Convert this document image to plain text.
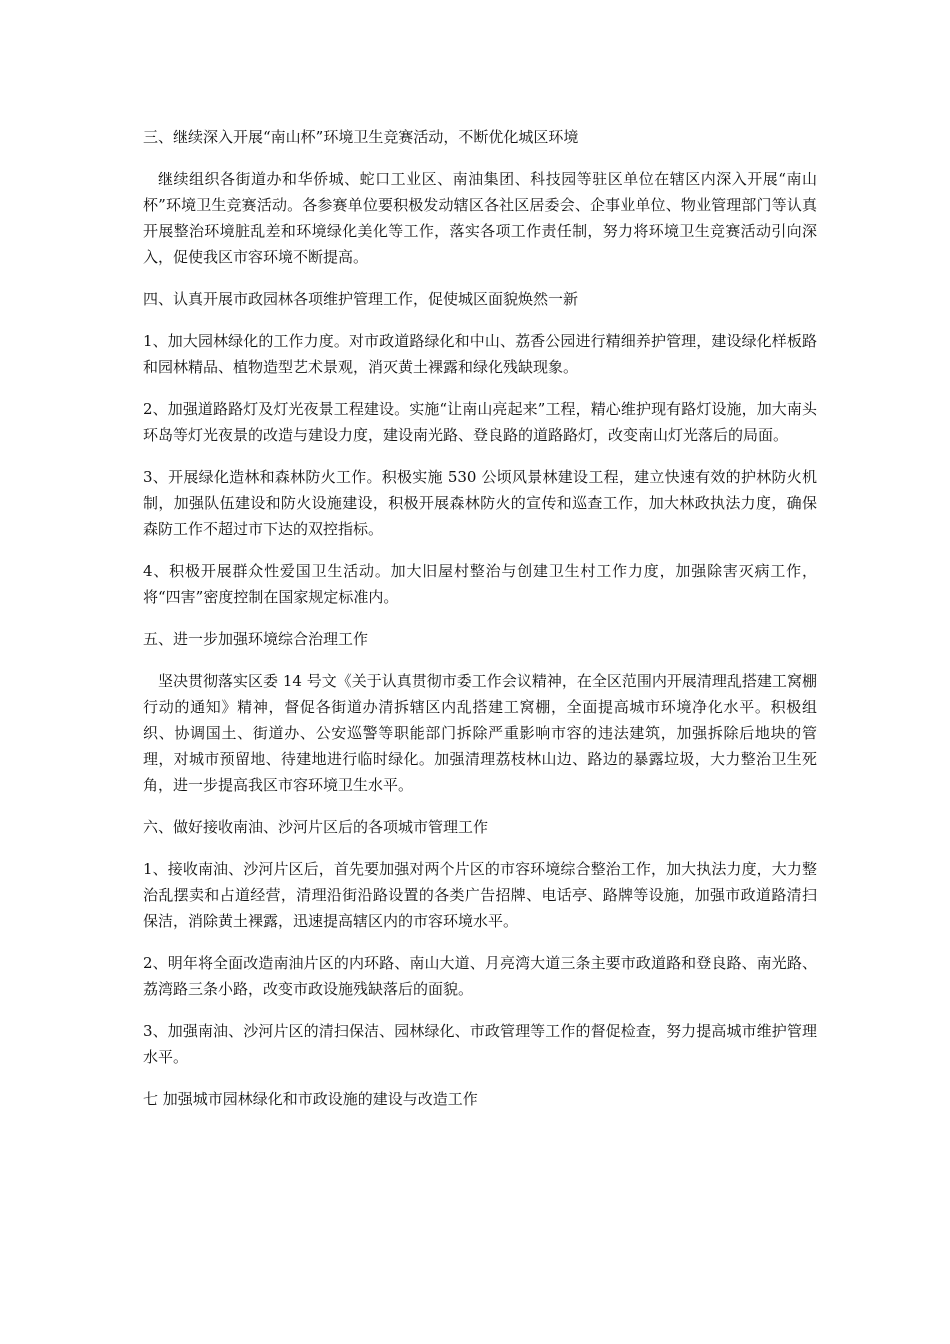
三、继续深入开展“南山杯”环境卫生竞赛活动，不断优化城区环境

继续组织各街道办和华侨城、蛇口工业区、南油集团、科技园等驻区单位在辖区内深入开展“南山杯”环境卫生竞赛活动。各参赛单位要积极发动辖区各社区居委会、企事业单位、物业管理部门等认真开展整治环境脏乱差和环境绿化美化等工作，落实各项工作责任制，努力将环境卫生竞赛活动引向深入，促使我区市容环境不断提高。

四、认真开展市政园林各项维护管理工作，促使城区面貌焕然一新

1、加大园林绿化的工作力度。对市政道路绿化和中山、荔香公园进行精细养护管理，建设绿化样板路和园林精品、植物造型艺术景观，消灭黄土裸露和绿化残缺现象。

2、加强道路路灯及灯光夜景工程建设。实施“让南山亮起来”工程，精心维护现有路灯设施，加大南头环岛等灯光夜景的改造与建设力度，建设南光路、登良路的道路路灯，改变南山灯光落后的局面。

3、开展绿化造林和森林防火工作。积极实施 530 公顷风景林建设工程，建立快速有效的护林防火机制，加强队伍建设和防火设施建设，积极开展森林防火的宣传和巡查工作，加大林政执法力度，确保森防工作不超过市下达的双控指标。

4、积极开展群众性爱国卫生活动。加大旧屋村整治与创建卫生村工作力度，加强除害灭病工作，将“四害”密度控制在国家规定标准内。

五、进一步加强环境综合治理工作

坚决贯彻落实区委 14 号文《关于认真贯彻市委工作会议精神，在全区范围内开展清理乱搭建工窝棚行动的通知》精神，督促各街道办清拆辖区内乱搭建工窝棚，全面提高城市环境净化水平。积极组织、协调国土、街道办、公安巡警等职能部门拆除严重影响市容的违法建筑，加强拆除后地块的管理，对城市预留地、待建地进行临时绿化。加强清理荔枝林山边、路边的暴露垃圾，大力整治卫生死角，进一步提高我区市容环境卫生水平。

六、做好接收南油、沙河片区后的各项城市管理工作

1、接收南油、沙河片区后，首先要加强对两个片区的市容环境综合整治工作，加大执法力度，大力整治乱摆卖和占道经营，清理沿街沿路设置的各类广告招牌、电话亭、路牌等设施，加强市政道路清扫保洁，消除黄土裸露，迅速提高辖区内的市容环境水平。

2、明年将全面改造南油片区的内环路、南山大道、月亮湾大道三条主要市政道路和登良路、南光路、荔湾路三条小路，改变市政设施残缺落后的面貌。

3、加强南油、沙河片区的清扫保洁、园林绿化、市政管理等工作的督促检查，努力提高城市维护管理水平。

七 加强城市园林绿化和市政设施的建设与改造工作
